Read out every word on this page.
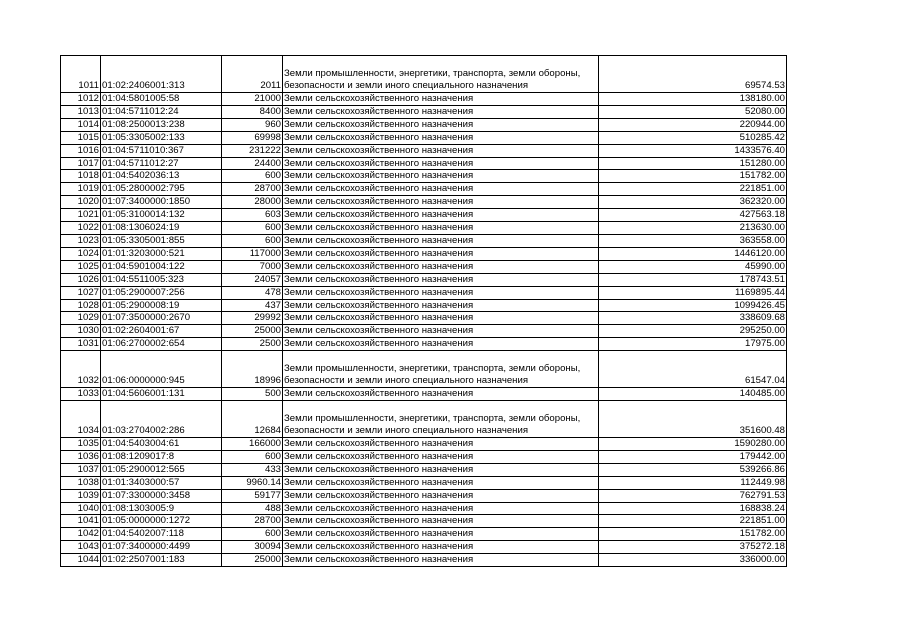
1011	01:02:2406001:313	2011	Земли промышленности, энергетики, транспорта, земли обороны, безопасности и земли иного специального назначения	69574.53
1012	01:04:5801005:58	21000	Земли сельскохозяйственного назначения	138180.00
1013	01:04:5711012:24	8400	Земли сельскохозяйственного назначения	52080.00
1014	01:08:2500013:238	960	Земли сельскохозяйственного назначения	220944.00
1015	01:05:3305002:133	69998	Земли сельскохозяйственного назначения	510285.42
1016	01:04:5711010:367	231222	Земли сельскохозяйственного назначения	1433576.40
1017	01:04:5711012:27	24400	Земли сельскохозяйственного назначения	151280.00
1018	01:04:5402036:13	600	Земли сельскохозяйственного назначения	151782.00
1019	01:05:2800002:795	28700	Земли сельскохозяйственного назначения	221851.00
1020	01:07:3400000:1850	28000	Земли сельскохозяйственного назначения	362320.00
1021	01:05:3100014:132	603	Земли сельскохозяйственного назначения	427563.18
1022	01:08:1306024:19	600	Земли сельскохозяйственного назначения	213630.00
1023	01:05:3305001:855	600	Земли сельскохозяйственного назначения	363558.00
1024	01:01:3203000:521	117000	Земли сельскохозяйственного назначения	1446120.00
1025	01:04:5901004:122	7000	Земли сельскохозяйственного назначения	45990.00
1026	01:04:5511005:323	24057	Земли сельскохозяйственного назначения	178743.51
1027	01:05:2900007:256	478	Земли сельскохозяйственного назначения	1169895.44
1028	01:05:2900008:19	437	Земли сельскохозяйственного назначения	1099426.45
1029	01:07:3500000:2670	29992	Земли сельскохозяйственного назначения	338609.68
1030	01:02:2604001:67	25000	Земли сельскохозяйственного назначения	295250.00
1031	01:06:2700002:654	2500	Земли сельскохозяйственного назначения	17975.00
1032	01:06:0000000:945	18996	Земли промышленности, энергетики, транспорта, земли обороны, безопасности и земли иного специального назначения	61547.04
1033	01:04:5606001:131	500	Земли сельскохозяйственного назначения	140485.00
1034	01:03:2704002:286	12684	Земли промышленности, энергетики, транспорта, земли обороны, безопасности и земли иного специального назначения	351600.48
1035	01:04:5403004:61	166000	Земли сельскохозяйственного назначения	1590280.00
1036	01:08:1209017:8	600	Земли сельскохозяйственного назначения	179442.00
1037	01:05:2900012:565	433	Земли сельскохозяйственного назначения	539266.86
1038	01:01:3403000:57	9960.14	Земли сельскохозяйственного назначения	112449.98
1039	01:07:3300000:3458	59177	Земли сельскохозяйственного назначения	762791.53
1040	01:08:1303005:9	488	Земли сельскохозяйственного назначения	168838.24
1041	01:05:0000000:1272	28700	Земли сельскохозяйственного назначения	221851.00
1042	01:04:5402007:118	600	Земли сельскохозяйственного назначения	151782.00
1043	01:07:3400000:4499	30094	Земли сельскохозяйственного назначения	375272.18
1044	01:02:2507001:183	25000	Земли сельскохозяйственного назначения	336000.00
